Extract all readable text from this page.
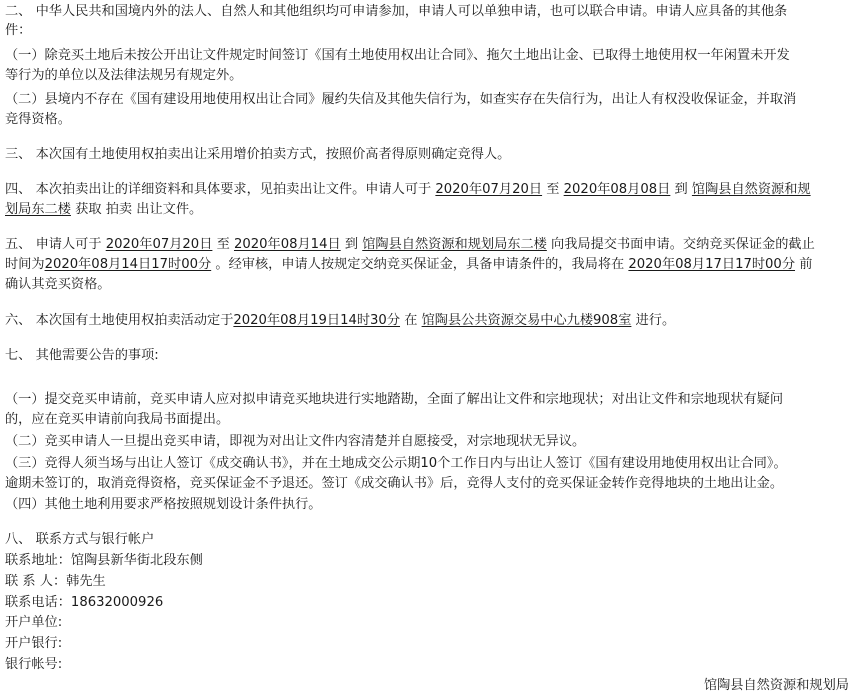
二、 中华人民共和国境内外的法人、自然人和其他组织均可申请参加，申请人可以单独申请，也可以联合申请。申请人应具备的其他条
件：
（一）除竞买土地后未按公开出让文件规定时间签订《国有土地使用权出让合同》、拖欠土地出让金、已取得土地使用权一年闲置未开发
等行为的单位以及法律法规另有规定外。
（二）县境内不存在《国有建设用地使用权出让合同》履约失信及其他失信行为，如查实存在失信行为，出让人有权没收保证金，并取消
竞得资格。
三、 本次国有土地使用权拍卖出让采用增价拍卖方式，按照价高者得原则确定竞得人。
四、 本次拍卖出让的详细资料和具体要求，见拍卖出让文件。申请人可于 2020年07月20日 至 2020年08月08日 到 馆陶县自然资源和规
划局东二楼 获取 拍卖 出让文件。
五、 申请人可于 2020年07月20日 至 2020年08月14日 到 馆陶县自然资源和规划局东二楼 向我局提交书面申请。交纳竞买保证金的截止
时间为2020年08月14日17时00分 。经审核，申请人按规定交纳竞买保证金，具备申请条件的，我局将在 2020年08月17日17时00分 前
确认其竞买资格。
六、 本次国有土地使用权拍卖活动定于2020年08月19日14时30分 在 馆陶县公共资源交易中心九楼908室 进行。
七、 其他需要公告的事项:
（一）提交竞买申请前，竞买申请人应对拟申请竞买地块进行实地踏勘，全面了解出让文件和宗地现状；对出让文件和宗地现状有疑问
的，应在竞买申请前向我局书面提出。
（二）竞买申请人一旦提出竞买申请，即视为对出让文件内容清楚并自愿接受，对宗地现状无异议。
（三）竞得人须当场与出让人签订《成交确认书》，并在土地成交公示期10个工作日内与出让人签订《国有建设用地使用权出让合同》。
逾期未签订的，取消竞得资格，竞买保证金不予退还。签订《成交确认书》后，竞得人支付的竞买保证金转作竞得地块的土地出让金。
（四）其他土地利用要求严格按照规划设计条件执行。
八、 联系方式与银行帐户
联系地址：馆陶县新华街北段东侧
联 系 人：韩先生
联系电话：18632000926
开户单位:
开户银行:
银行帐号:
馆陶县自然资源和规划局
